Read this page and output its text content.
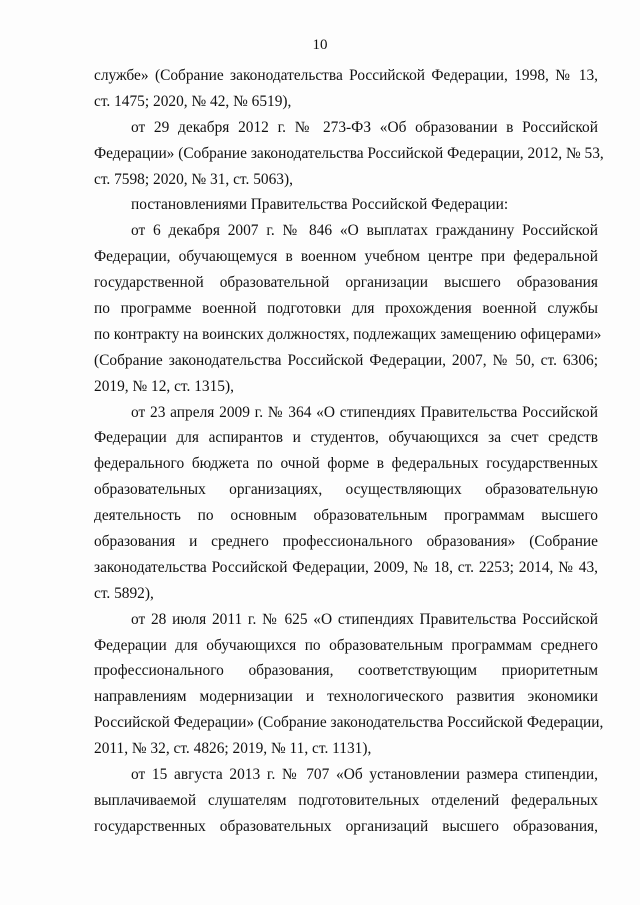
10
службе» (Собрание законодательства Российской Федерации, 1998, № 13,
ст. 1475; 2020, № 42, № 6519),
от 29 декабря 2012 г. № 273-ФЗ «Об образовании в Российской
Федерации» (Собрание законодательства Российской Федерации, 2012, № 53,
ст. 7598; 2020, № 31, ст. 5063),
постановлениями Правительства Российской Федерации:
от 6 декабря 2007 г. № 846 «О выплатах гражданину Российской
Федерации, обучающемуся в военном учебном центре при федеральной
государственной образовательной организации высшего образования
по программе военной подготовки для прохождения военной службы
по контракту на воинских должностях, подлежащих замещению офицерами»
(Собрание законодательства Российской Федерации, 2007, № 50, ст. 6306;
2019, № 12, ст. 1315),
от 23 апреля 2009 г. № 364 «О стипендиях Правительства Российской
Федерации для аспирантов и студентов, обучающихся за счет средств
федерального бюджета по очной форме в федеральных государственных
образовательных организациях, осуществляющих образовательную
деятельность по основным образовательным программам высшего
образования и среднего профессионального образования» (Собрание
законодательства Российской Федерации, 2009, № 18, ст. 2253; 2014, № 43,
ст. 5892),
от 28 июля 2011 г. № 625 «О стипендиях Правительства Российской
Федерации для обучающихся по образовательным программам среднего
профессионального образования, соответствующим приоритетным
направлениям модернизации и технологического развития экономики
Российской Федерации» (Собрание законодательства Российской Федерации,
2011, № 32, ст. 4826; 2019, № 11, ст. 1131),
от 15 августа 2013 г. № 707 «Об установлении размера стипендии,
выплачиваемой слушателям подготовительных отделений федеральных
государственных образовательных организаций высшего образования,
